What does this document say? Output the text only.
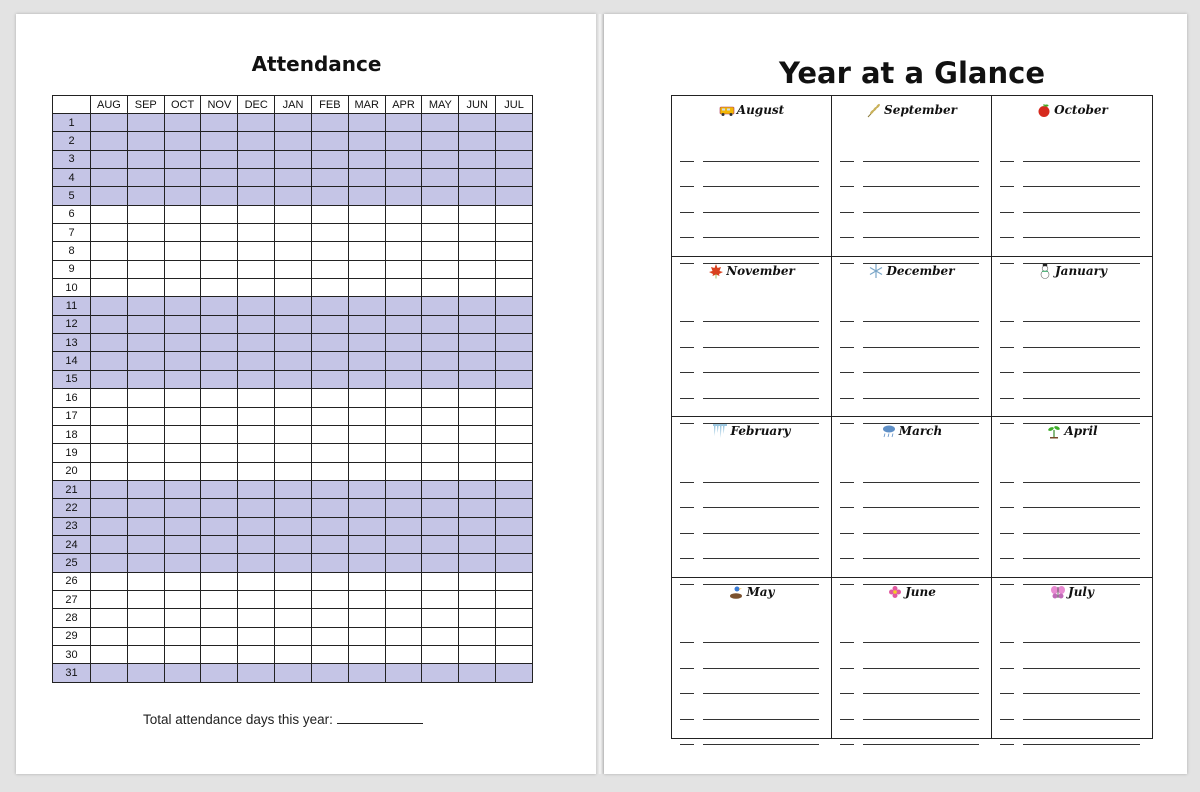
Attendance
	AUG	SEP	OCT	NOV	DEC	JAN	FEB	MAR	APR	MAY	JUN	JUL
1												
2												
3												
4												
5												
6												
7												
8												
9												
10												
11												
12												
13												
14												
15												
16												
17												
18												
19												
20												
21												
22												
23												
24												
25												
26												
27												
28												
29												
30												
31												
Total attendance days this year:
Year at a Glance
August	September	October
November	December	January
February	March	April
May	June	July
